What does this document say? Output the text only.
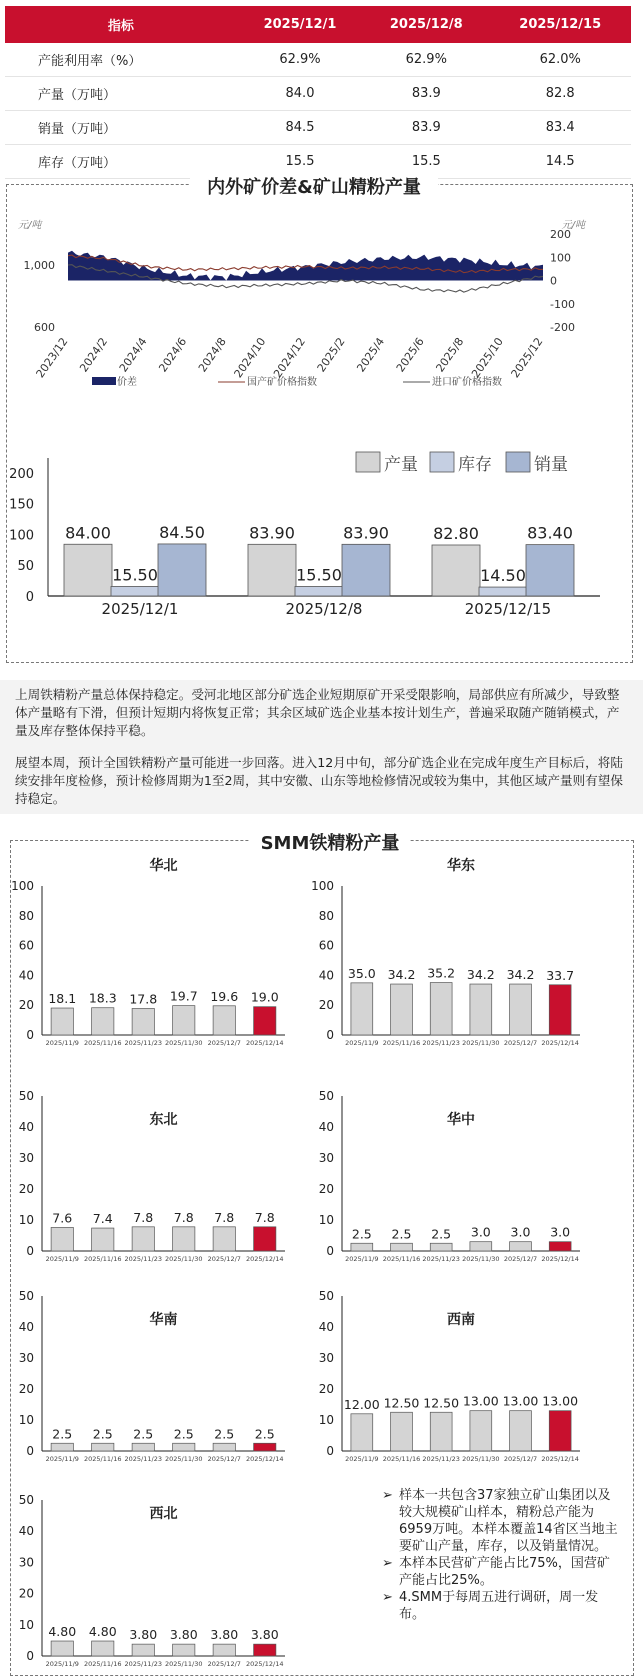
指标	2025/12/1	2025/12/8	2025/12/15
产能利用率（%）	62.9%	62.9%	62.0%
产量（万吨）	84.0	83.9	82.8
销量（万吨）	84.5	83.9	83.4
库存（万吨）	15.5	15.5	14.5
内外矿价差&矿山精粉产量
元/吨	元/吨
1,000
600
200
100
0
-100
-200
2023/12 2024/2 2024/4 2024/6 2024/8 2024/10 2024/12 2025/2 2025/4 2025/6 2025/8 2025/10 2025/12
价差	国产矿价格指数	进口矿价格指数
0
50
100
150
200
84.00
15.50
84.50
2025/12/1
83.90
15.50
83.90
2025/12/8
82.80
14.50
83.40
2025/12/15
产量 库存 销量

上周铁精粉产量总体保持稳定。受河北地区部分矿选企业短期原矿开采受限影响，局部供应有所减少，导致整体产量略有下滑，但预计短期内将恢复正常；其余区域矿选企业基本按计划生产，普遍采取随产随销模式，产量及库存整体保持平稳。

展望本周，预计全国铁精粉产量可能进一步回落。进入12月中旬，部分矿选企业在完成年度生产目标后，将陆续安排年度检修，预计检修周期为1至2周，其中安徽、山东等地检修情况或较为集中，其他区域产量则有望保持稳定。

SMM铁精粉产量
华北
0
20
40
60
80
100
18.1
2025/11/9
18.3
2025/11/16
17.8
2025/11/23
19.7
2025/11/30
19.6
2025/12/7
19.0
2025/12/14
华东
0
20
40
60
80
100
35.0
2025/11/9
34.2
2025/11/16
35.2
2025/11/23
34.2
2025/11/30
34.2
2025/12/7
33.7
2025/12/14
东北
0
10
20
30
40
50
7.6
2025/11/9
7.4
2025/11/16
7.8
2025/11/23
7.8
2025/11/30
7.8
2025/12/7
7.8
2025/12/14
华中
0
10
20
30
40
50
2.5
2025/11/9
2.5
2025/11/16
2.5
2025/11/23
3.0
2025/11/30
3.0
2025/12/7
3.0
2025/12/14
华南
0
10
20
30
40
50
2.5
2025/11/9
2.5
2025/11/16
2.5
2025/11/23
2.5
2025/11/30
2.5
2025/12/7
2.5
2025/12/14
西南
0
10
20
30
40
50
12.00
2025/11/9
12.50
2025/11/16
12.50
2025/11/23
13.00
2025/11/30
13.00
2025/12/7
13.00
2025/12/14
西北
0
10
20
30
40
50
4.80
2025/11/9
4.80
2025/11/16
3.80
2025/11/23
3.80
2025/11/30
3.80
2025/12/7
3.80
2025/12/14
➢ 样本一共包含37家独立矿山集团以及较大规模矿山样本，精粉总产能为6959万吨。本样本覆盖14省区当地主要矿山产量，库存，以及销量情况。
➢ 本样本民营矿产能占比75%，国营矿产能占比25%。
➢ 4.SMM于每周五进行调研，周一发布。
